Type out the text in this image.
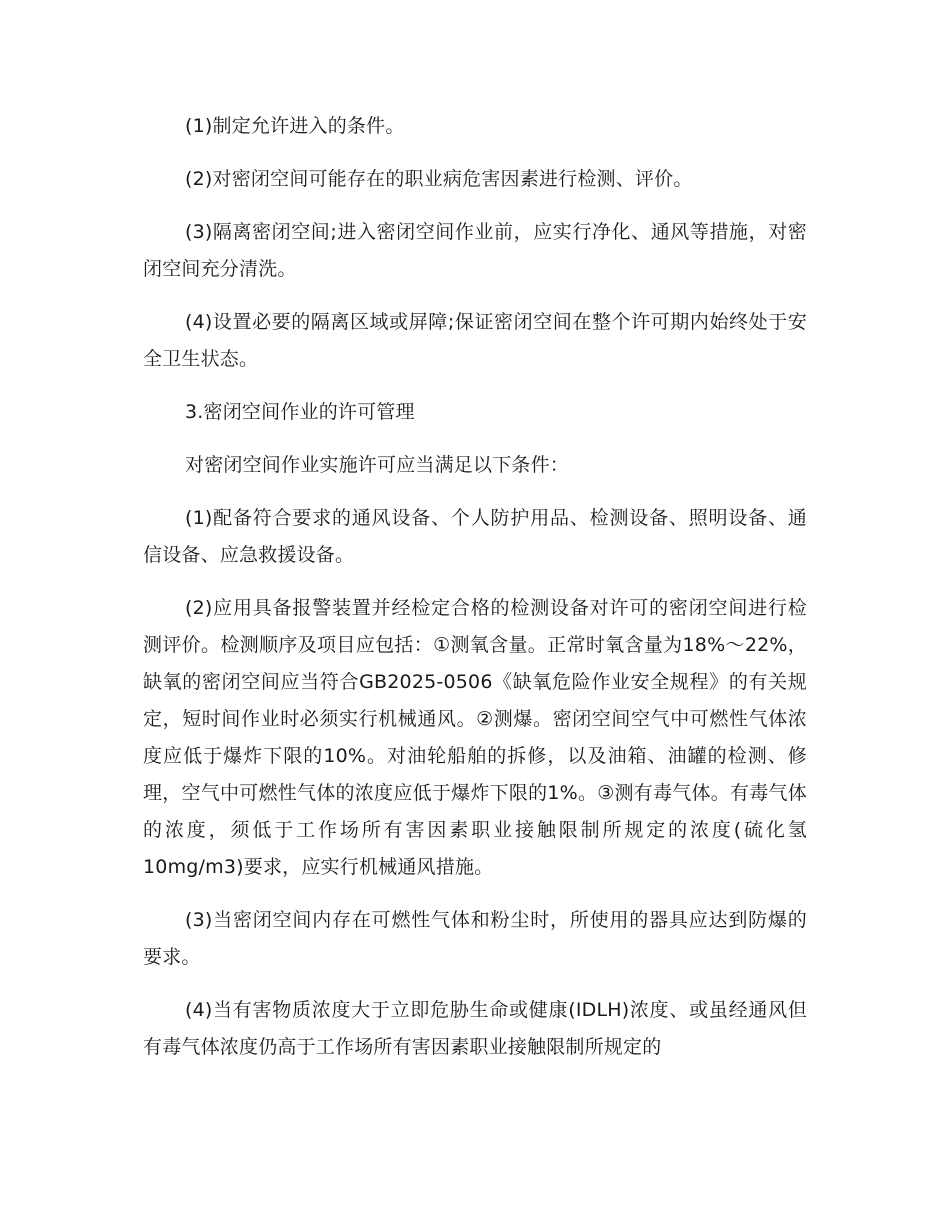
(1)制定允许进入的条件。

(2)对密闭空间可能存在的职业病危害因素进行检测、评价。

(3)隔离密闭空间;进入密闭空间作业前，应实行净化、通风等措施，对密闭空间充分清洗。

(4)设置必要的隔离区域或屏障;保证密闭空间在整个许可期内始终处于安全卫生状态。

3.密闭空间作业的许可管理

对密闭空间作业实施许可应当满足以下条件：

(1)配备符合要求的通风设备、个人防护用品、检测设备、照明设备、通信设备、应急救援设备。

(2)应用具备报警装置并经检定合格的检测设备对许可的密闭空间进行检测评价。检测顺序及项目应包括：①测氧含量。正常时氧含量为18%～22%，缺氧的密闭空间应当符合GB2025-0506《缺氧危险作业安全规程》的有关规定，短时间作业时必须实行机械通风。②测爆。密闭空间空气中可燃性气体浓度应低于爆炸下限的10%。对油轮船舶的拆修，以及油箱、油罐的检测、修理，空气中可燃性气体的浓度应低于爆炸下限的1%。③测有毒气体。有毒气体的浓度，须低于工作场所有害因素职业接触限制所规定的浓度(硫化氢10mg/m3)要求，应实行机械通风措施。

(3)当密闭空间内存在可燃性气体和粉尘时，所使用的器具应达到防爆的要求。

(4)当有害物质浓度大于立即危胁生命或健康(IDLH)浓度、或虽经通风但有毒气体浓度仍高于工作场所有害因素职业接触限制所规定的
